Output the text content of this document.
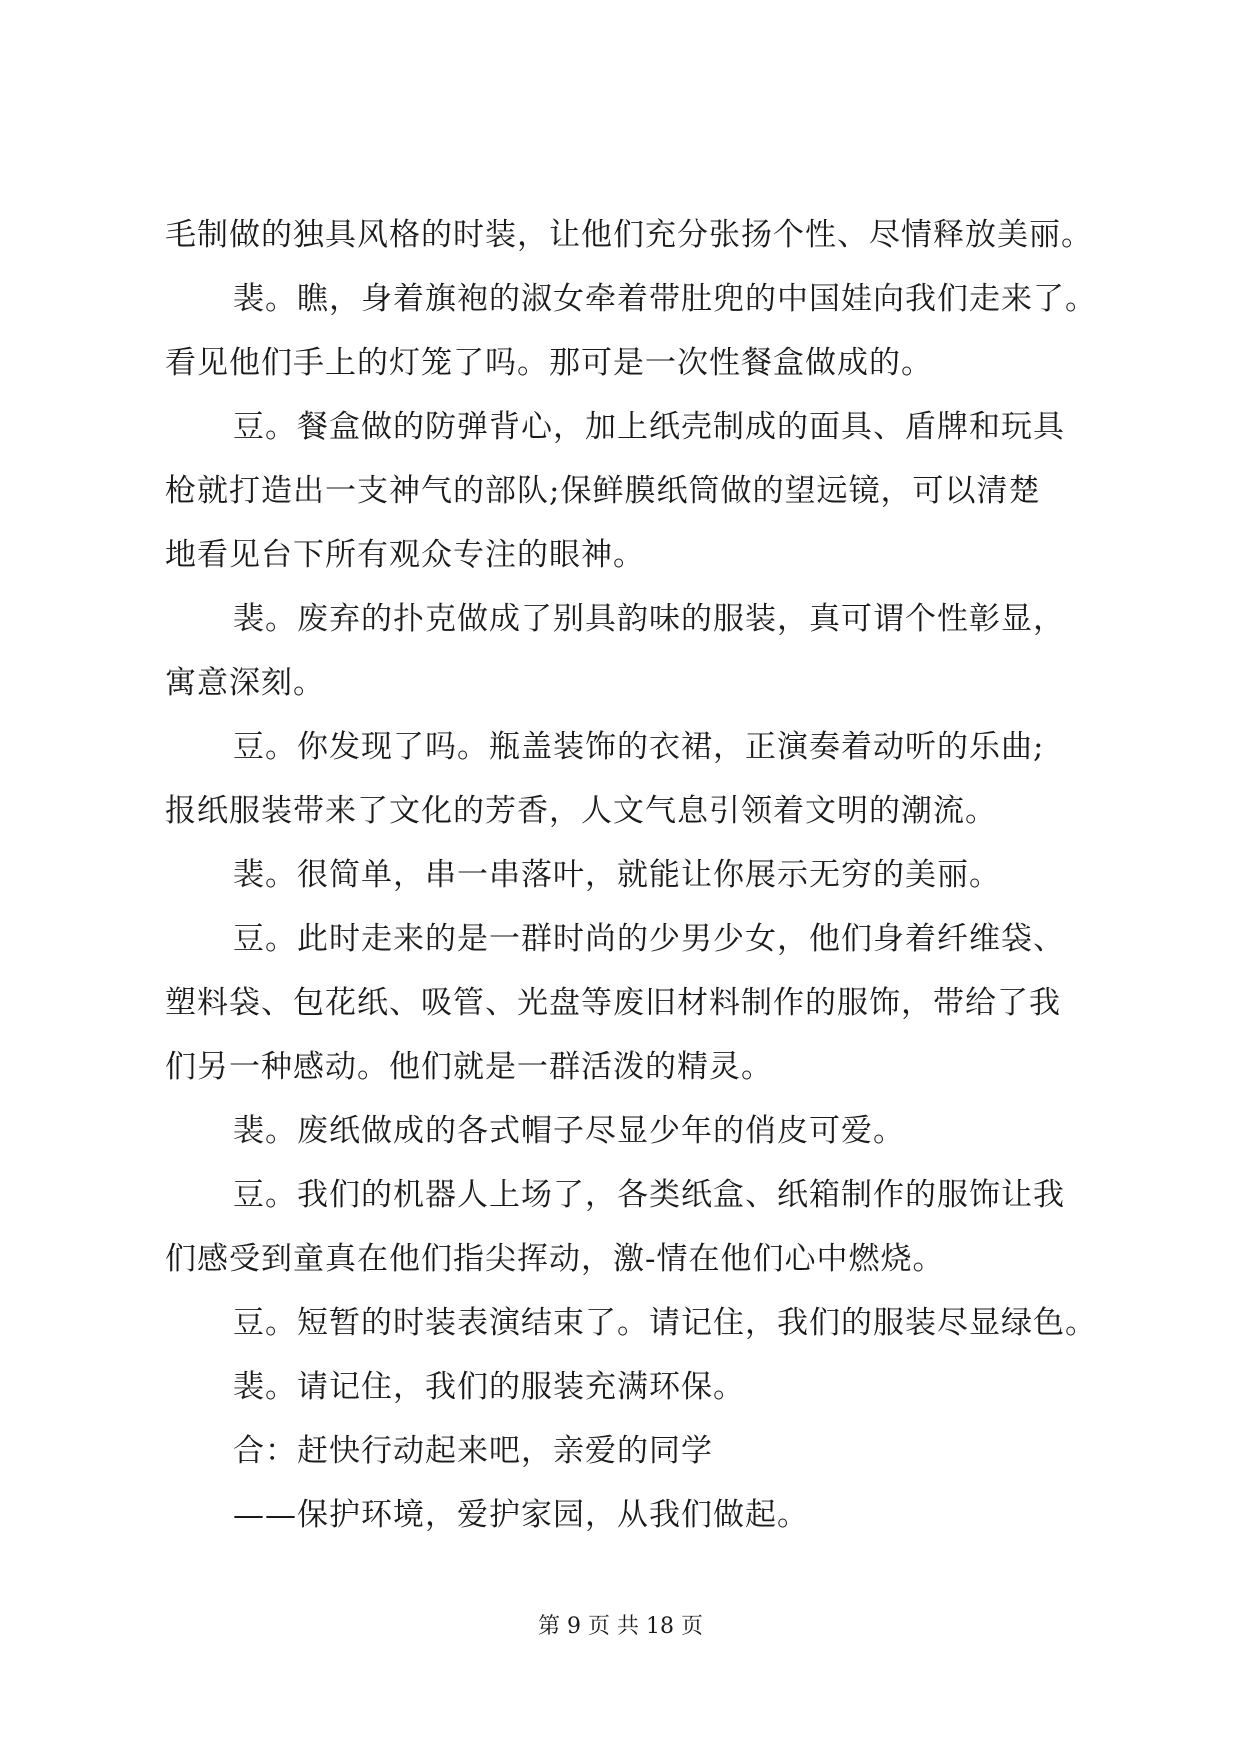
毛制做的独具风格的时装，让他们充分张扬个性、尽情释放美丽。
裴。瞧，身着旗袍的淑女牵着带肚兜的中国娃向我们走来了。
看见他们手上的灯笼了吗。那可是一次性餐盒做成的。
豆。餐盒做的防弹背心，加上纸壳制成的面具、盾牌和玩具
枪就打造出一支神气的部队;保鲜膜纸筒做的望远镜，可以清楚
地看见台下所有观众专注的眼神。
裴。废弃的扑克做成了别具韵味的服装，真可谓个性彰显，
寓意深刻。
豆。你发现了吗。瓶盖装饰的衣裙，正演奏着动听的乐曲;
报纸服装带来了文化的芳香，人文气息引领着文明的潮流。
裴。很简单，串一串落叶，就能让你展示无穷的美丽。
豆。此时走来的是一群时尚的少男少女，他们身着纤维袋、
塑料袋、包花纸、吸管、光盘等废旧材料制作的服饰，带给了我
们另一种感动。他们就是一群活泼的精灵。
裴。废纸做成的各式帽子尽显少年的俏皮可爱。
豆。我们的机器人上场了，各类纸盒、纸箱制作的服饰让我
们感受到童真在他们指尖挥动，激-情在他们心中燃烧。
豆。短暂的时装表演结束了。请记住，我们的服装尽显绿色。
裴。请记住，我们的服装充满环保。
合：赶快行动起来吧，亲爱的同学
——保护环境，爱护家园，从我们做起。
第 9 页 共 18 页
